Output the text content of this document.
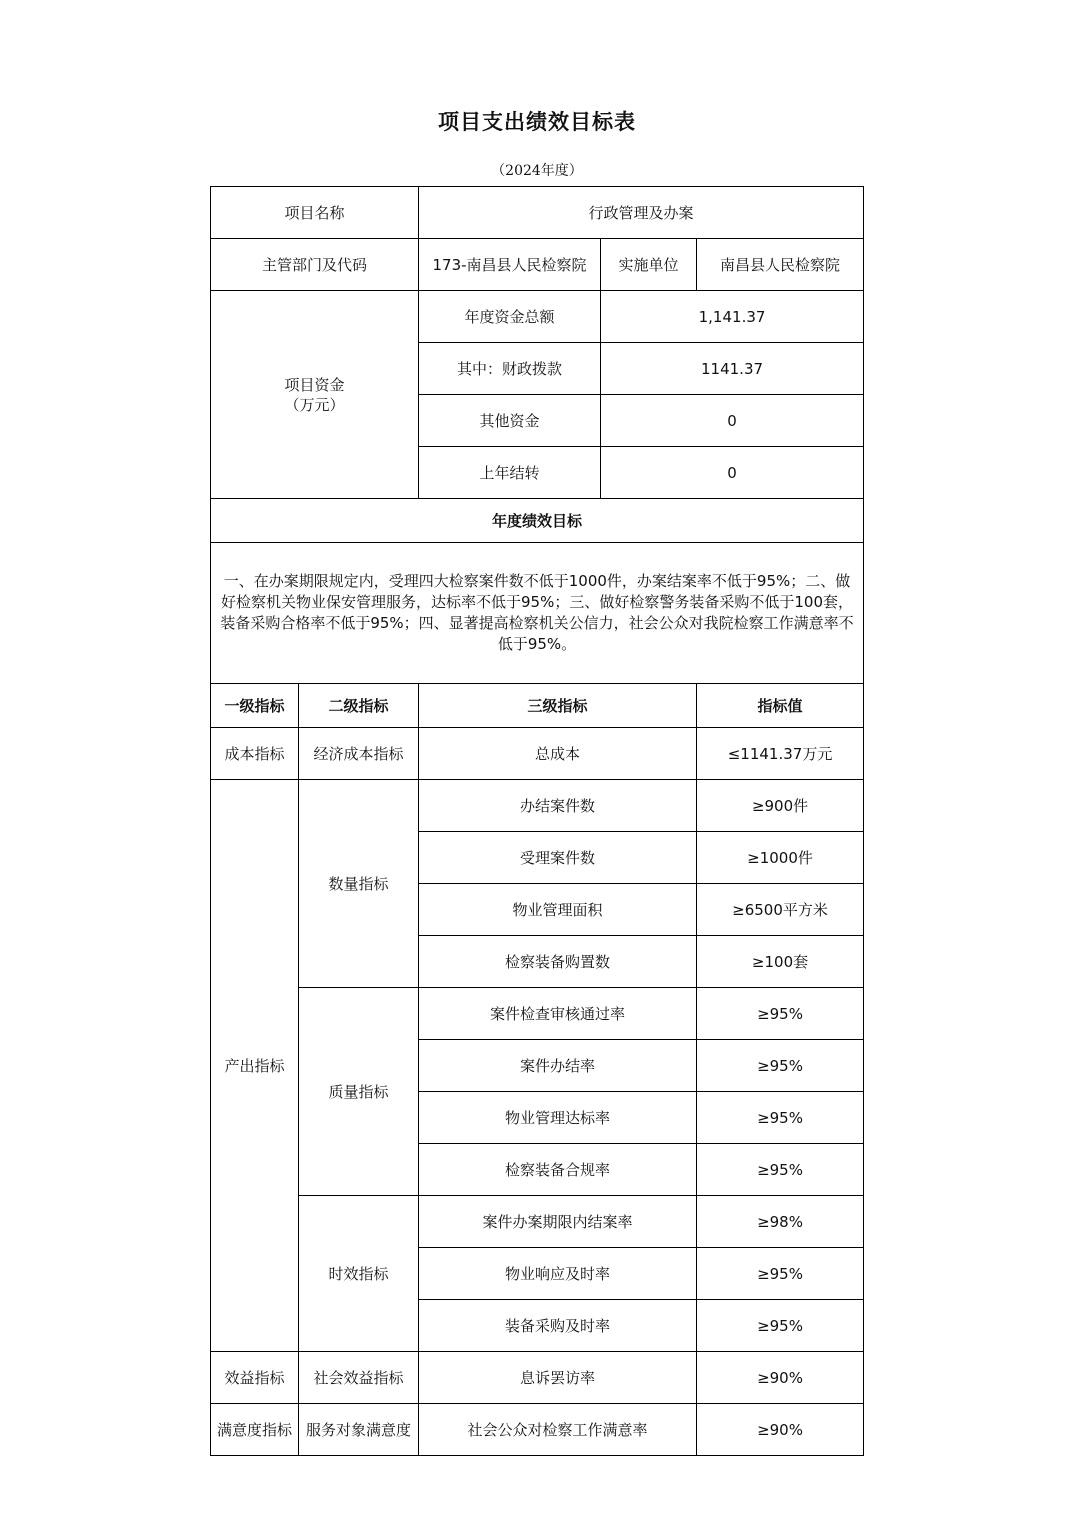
项目支出绩效目标表
（2024年度）
项目名称		行政管理及办案		
主管部门及代码		173-南昌县人民检察院	实施单位	南昌县人民检察院
项目资金
（万元）		年度资金总额	1,141.37	
		其中：财政拨款	1141.37	
		其他资金	0	
		上年结转	0	
年度绩效目标				
一、在办案期限规定内，受理四大检察案件数不低于1000件，办案结案率不低于95%；二、做好检察机关物业保安管理服务，达标率不低于95%；三、做好检察警务装备采购不低于100套，装备采购合格率不低于95%；四、显著提高检察机关公信力，社会公众对我院检察工作满意率不低于95%。				
一级指标	二级指标	三级指标		指标值
成本指标	经济成本指标	总成本		≤1141.37万元
产出指标	数量指标	办结案件数		≥900件
		受理案件数		≥1000件
		物业管理面积		≥6500平方米
		检察装备购置数		≥100套
	质量指标	案件检查审核通过率		≥95%
		案件办结率		≥95%
		物业管理达标率		≥95%
		检察装备合规率		≥95%
	时效指标	案件办案期限内结案率		≥98%
		物业响应及时率		≥95%
		装备采购及时率		≥95%
效益指标	社会效益指标	息诉罢访率		≥90%
满意度指标	服务对象满意度	社会公众对检察工作满意率		≥90%
